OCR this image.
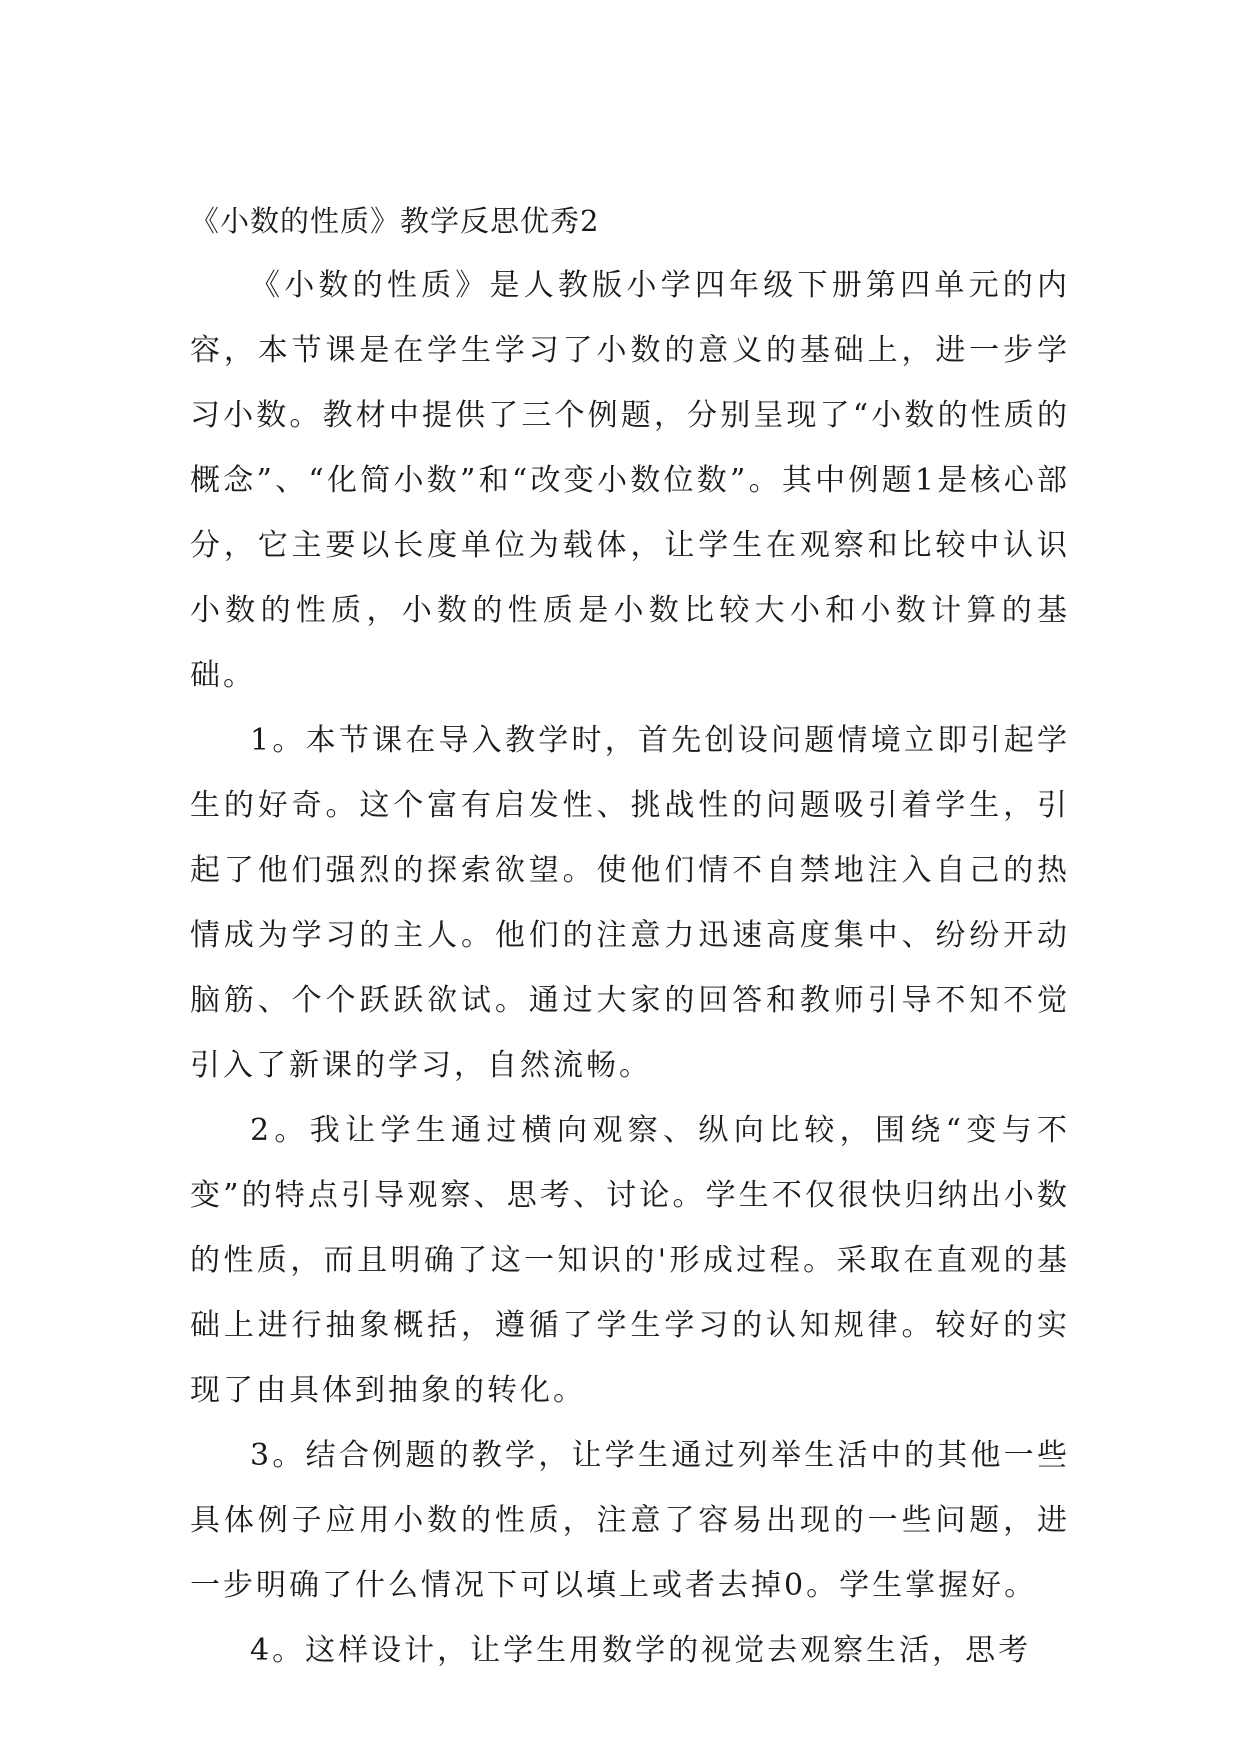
《小数的性质》教学反思优秀2

《小数的性质》是人教版小学四年级下册第四单元的内容，本节课是在学生学习了小数的意义的基础上，进一步学习小数。教材中提供了三个例题，分别呈现了“小数的性质的概念”、“化简小数”和“改变小数位数”。其中例题1是核心部分，它主要以长度单位为载体，让学生在观察和比较中认识小数的性质，小数的性质是小数比较大小和小数计算的基础。

1。本节课在导入教学时，首先创设问题情境立即引起学生的好奇。这个富有启发性、挑战性的问题吸引着学生，引起了他们强烈的探索欲望。使他们情不自禁地注入自己的热情成为学习的主人。他们的注意力迅速高度集中、纷纷开动脑筋、个个跃跃欲试。通过大家的回答和教师引导不知不觉引入了新课的学习，自然流畅。

2。我让学生通过横向观察、纵向比较，围绕“变与不变”的特点引导观察、思考、讨论。学生不仅很快归纳出小数的性质，而且明确了这一知识的'形成过程。采取在直观的基础上进行抽象概括，遵循了学生学习的认知规律。较好的实现了由具体到抽象的转化。

3。结合例题的教学，让学生通过列举生活中的其他一些具体例子应用小数的性质，注意了容易出现的一些问题，进一步明确了什么情况下可以填上或者去掉0。学生掌握好。

4。这样设计，让学生用数学的视觉去观察生活，思考
